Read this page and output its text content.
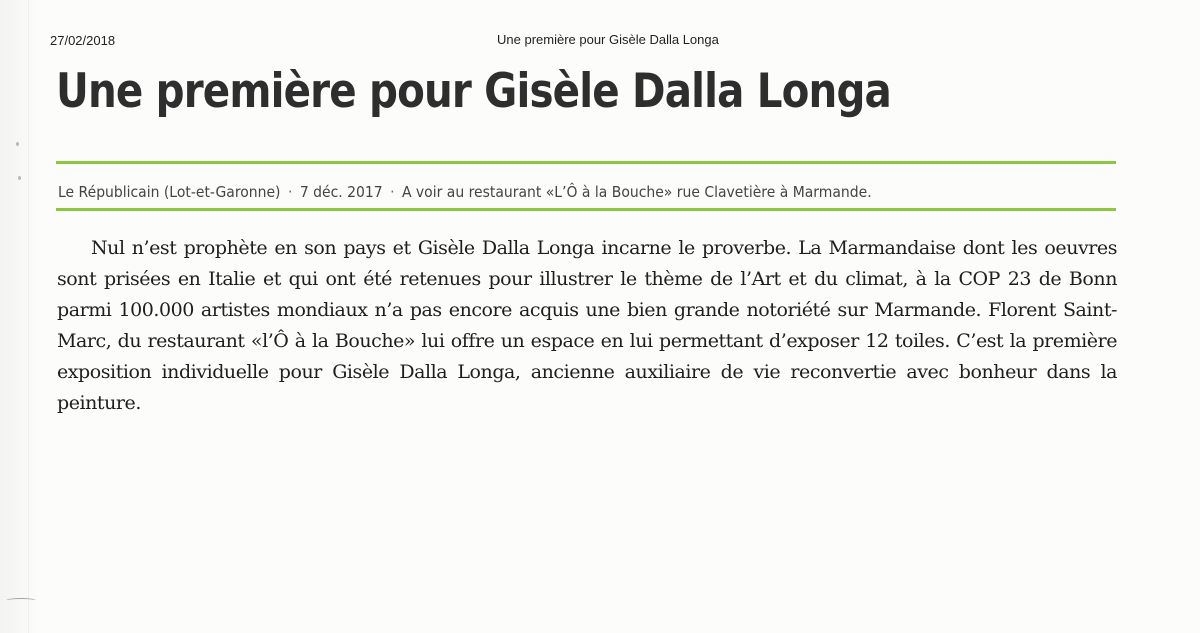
27/02/2018	Une première pour Gisèle Dalla Longa
Une première pour Gisèle Dalla Longa
Le Républicain (Lot-et-Garonne) · 7 déc. 2017 · A voir au restaurant «L’Ô à la Bouche» rue Clavetière à Marmande.

Nul n’est prophète en son pays et Gisèle Dalla Longa incarne le proverbe. La Marmandaise dont les oeuvres sont prisées en Italie et qui ont été retenues pour illustrer le thème de l’Art et du climat, à la COP 23 de Bonn parmi 100.000 artistes mondiaux n’a pas encore acquis une bien grande notoriété sur Marmande. Florent Saint-Marc, du restaurant «l’Ô à la Bouche» lui offre un espace en lui permettant d’exposer 12 toiles. C’est la première exposition individuelle pour Gisèle Dalla Longa, ancienne auxiliaire de vie reconvertie avec bonheur dans la peinture.
